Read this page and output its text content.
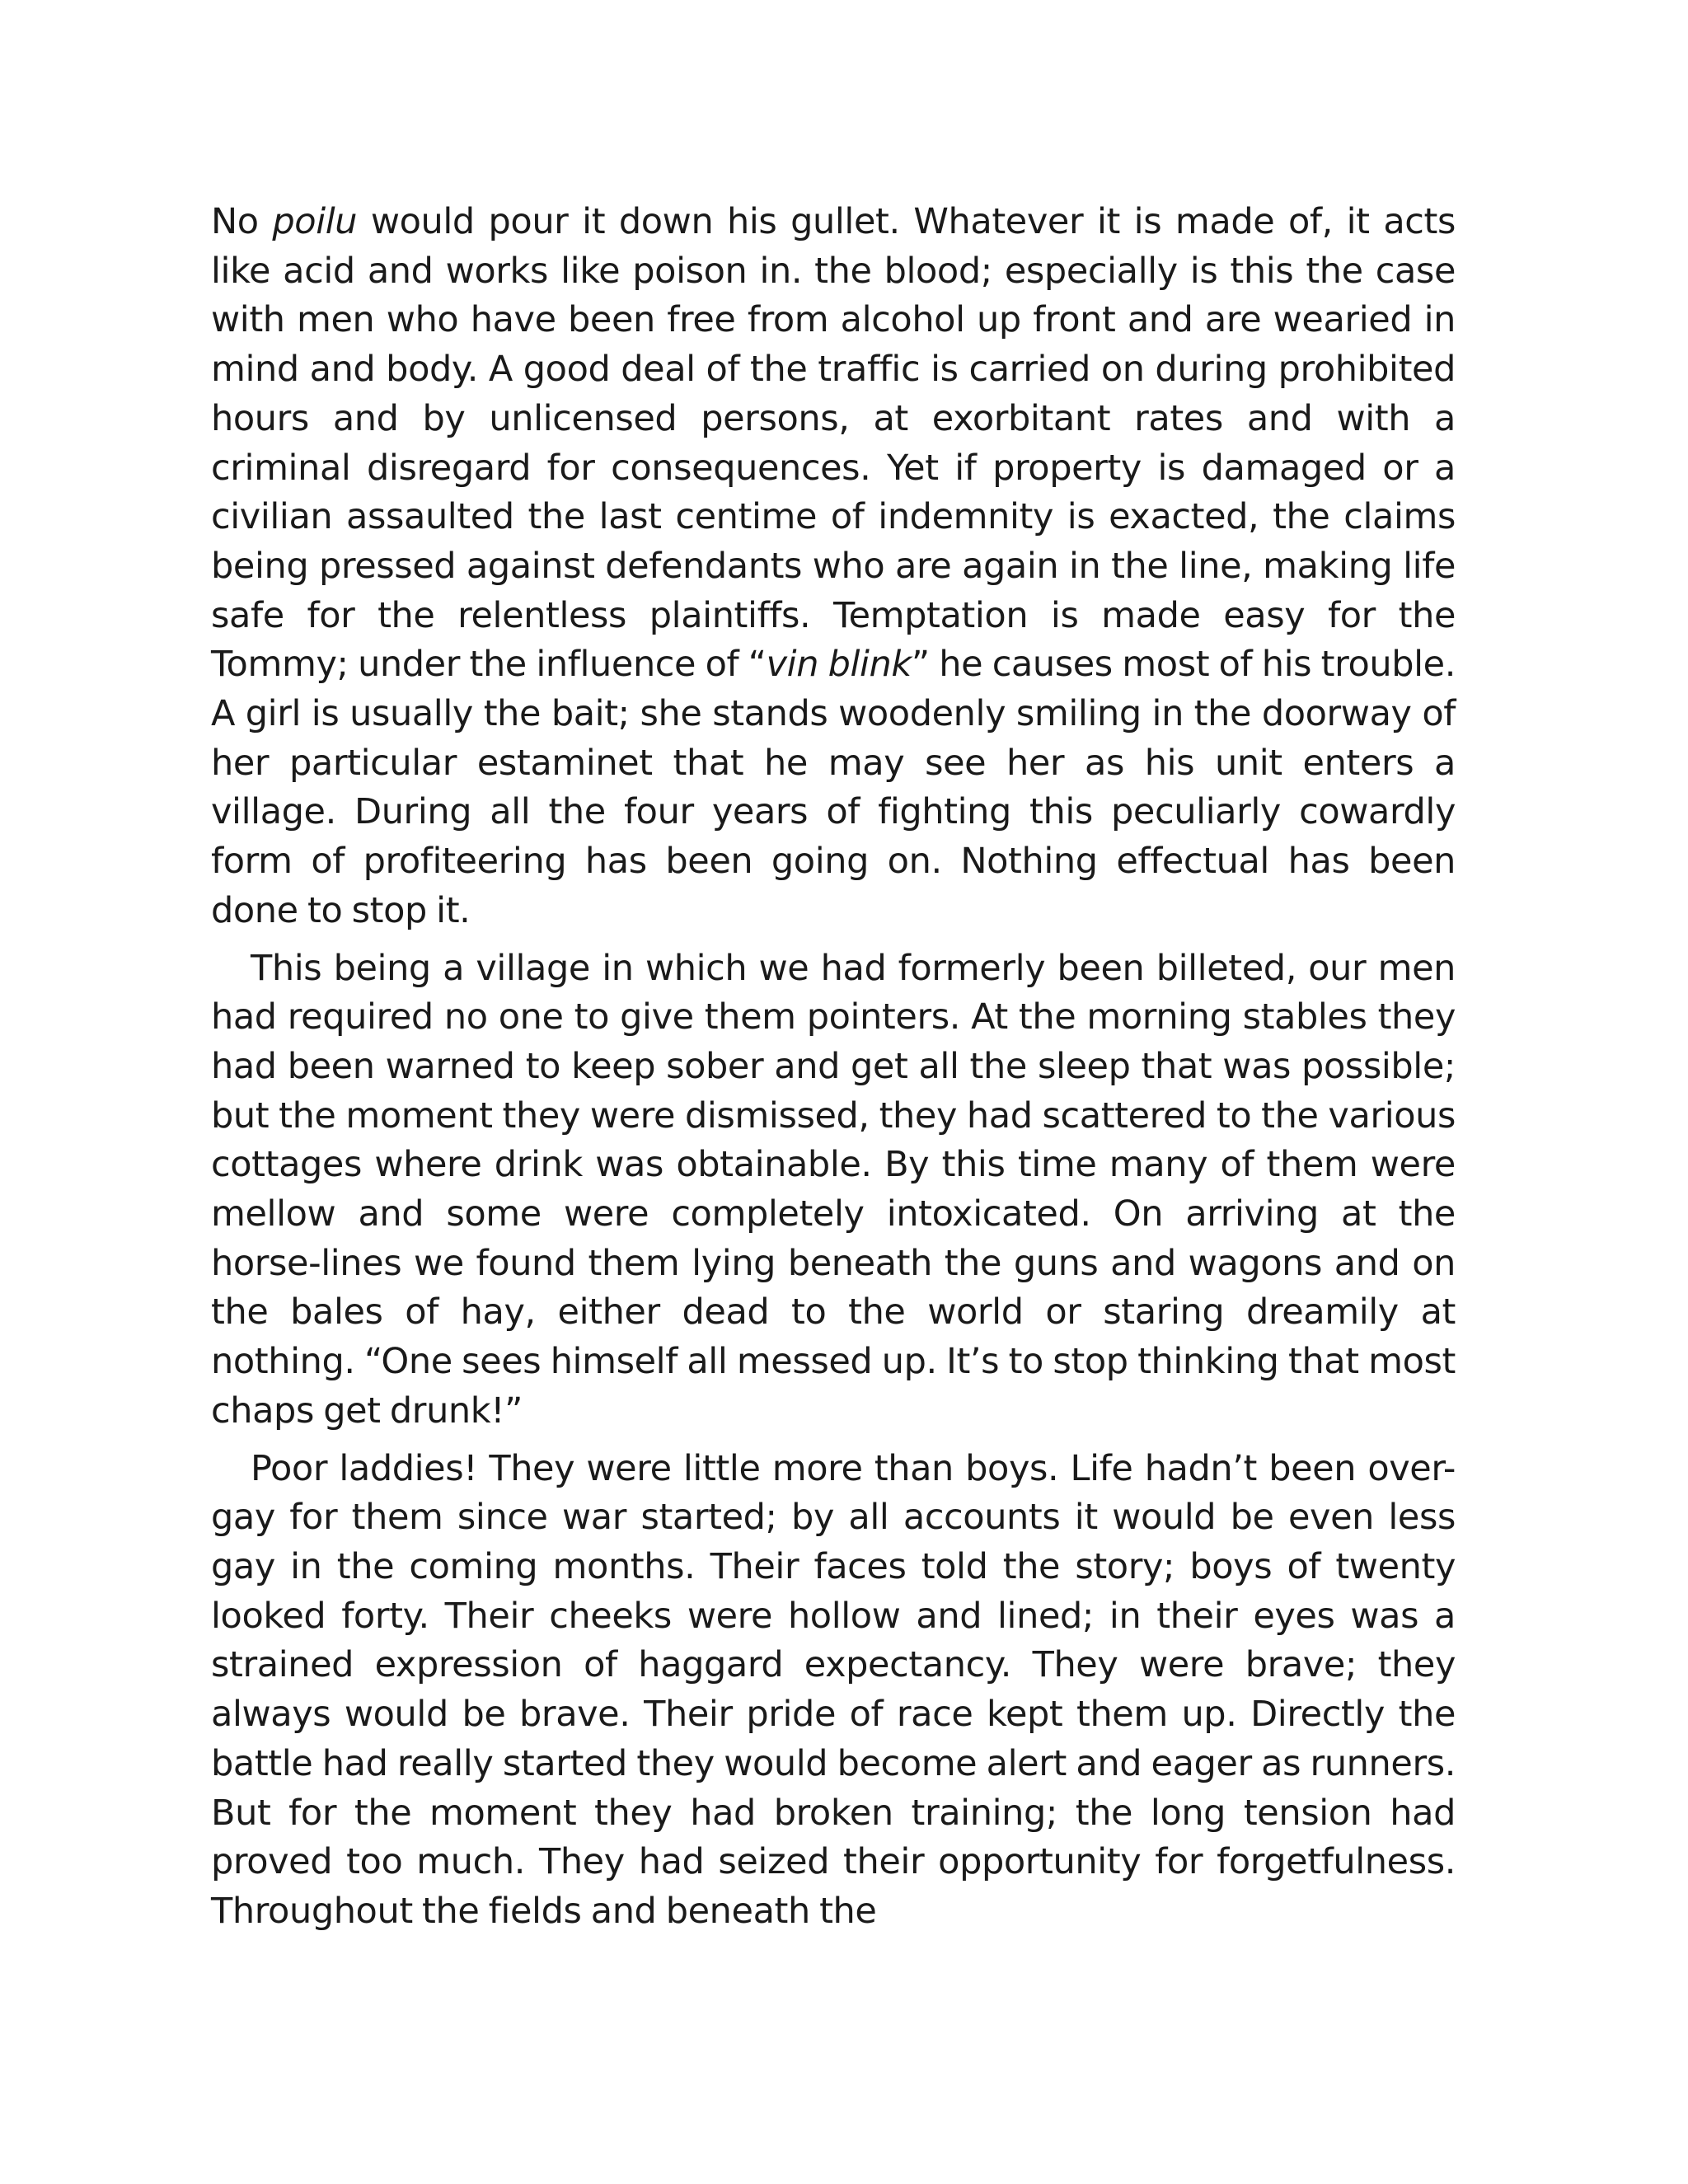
No poilu would pour it down his gullet. Whatever it is made of, it acts like acid and works like poison in. the blood; especially is this the case with men who have been free from alcohol up front and are wearied in mind and body. A good deal of the traffic is carried on during prohibited hours and by unlicensed persons, at exorbitant rates and with a criminal disregard for consequences. Yet if property is damaged or a civilian assaulted the last centime of indemnity is exacted, the claims being pressed against defendants who are again in the line, making life safe for the relentless plaintiffs. Temptation is made easy for the Tommy; under the influence of “vin blink” he causes most of his trouble. A girl is usually the bait; she stands woodenly smiling in the doorway of her particular estaminet that he may see her as his unit enters a village. During all the four years of fighting this peculiarly cowardly form of profiteering has been going on. Nothing effectual has been done to stop it.

This being a village in which we had formerly been billeted, our men had required no one to give them pointers. At the morning stables they had been warned to keep sober and get all the sleep that was possible; but the moment they were dismissed, they had scattered to the various cottages where drink was obtainable. By this time many of them were mellow and some were completely intoxicated. On arriving at the horse-lines we found them lying beneath the guns and wagons and on the bales of hay, either dead to the world or staring dreamily at nothing. “One sees himself all messed up. It’s to stop thinking that most chaps get drunk!”

Poor laddies! They were little more than boys. Life hadn’t been over-gay for them since war started; by all accounts it would be even less gay in the coming months. Their faces told the story; boys of twenty looked forty. Their cheeks were hollow and lined; in their eyes was a strained expression of haggard expectancy. They were brave; they always would be brave. Their pride of race kept them up. Directly the battle had really started they would become alert and eager as runners. But for the moment they had broken training; the long tension had proved too much. They had seized their opportunity for forgetfulness. Throughout the fields and beneath the
